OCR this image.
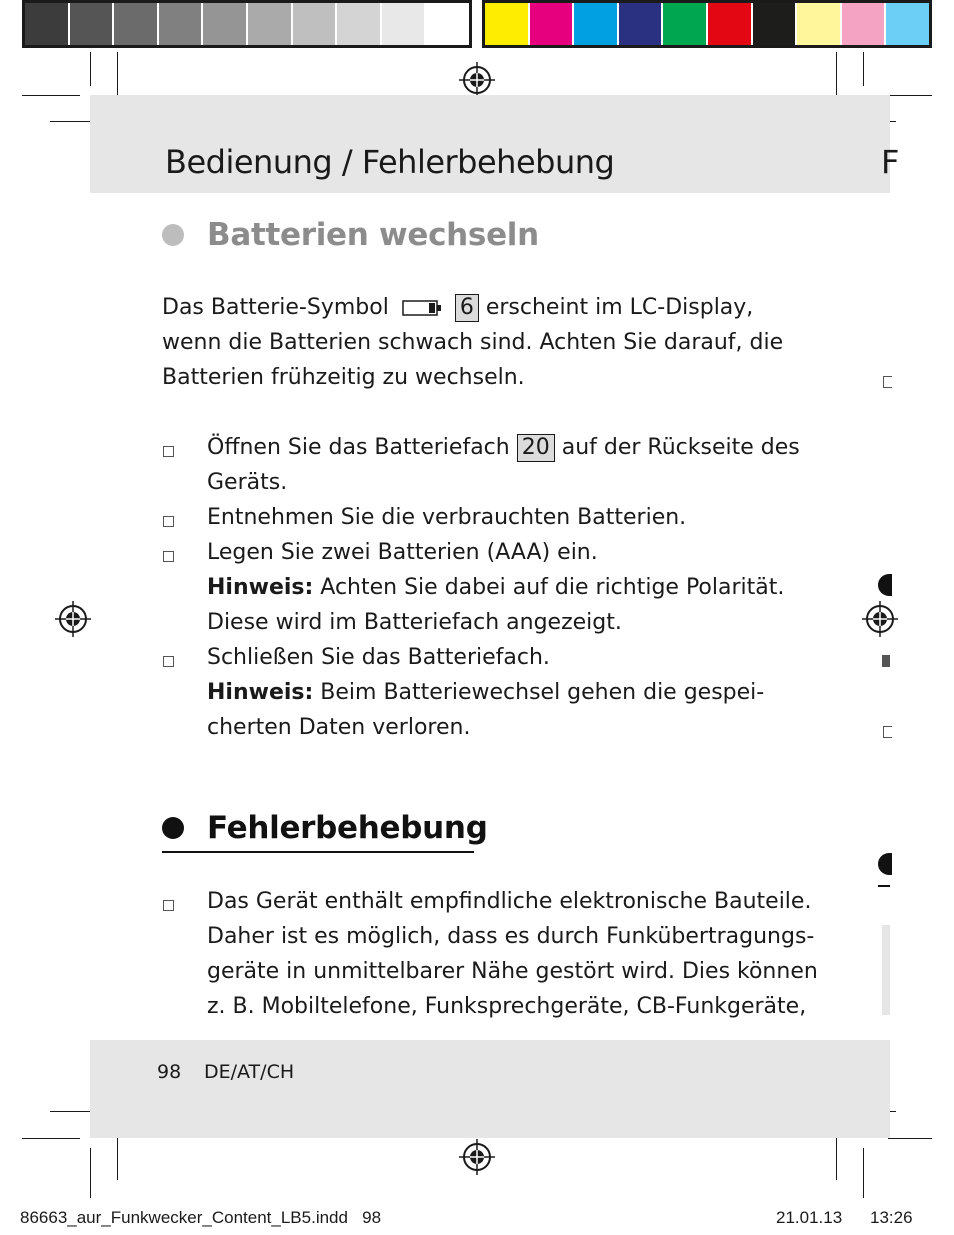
Bedienung / Fehlerbehebung	F
Batterien wechseln
Das Batterie-Symbol	6 erscheint im LC-Display,
wenn die Batterien schwach sind. Achten Sie darauf, die
Batterien frühzeitig zu wechseln.
Öffnen Sie das Batteriefach 20 auf der Rückseite des
Geräts.
Entnehmen Sie die verbrauchten Batterien.
Legen Sie zwei Batterien (AAA) ein.
Hinweis: Achten Sie dabei auf die richtige Polarität.
Diese wird im Batteriefach angezeigt.
Schließen Sie das Batteriefach.
Hinweis: Beim Batteriewechsel gehen die gespei-
cherten Daten verloren.
Fehlerbehebung
Das Gerät enthält empfindliche elektronische Bauteile.
Daher ist es möglich, dass es durch Funkübertragungs-
geräte in unmittelbarer Nähe gestört wird. Dies können
z. B. Mobiltelefone, Funksprechgeräte, CB-Funkgeräte,
98 DE/AT/CH
86663_aur_Funkwecker_Content_LB5.indd   98	21.01.13 13:26
